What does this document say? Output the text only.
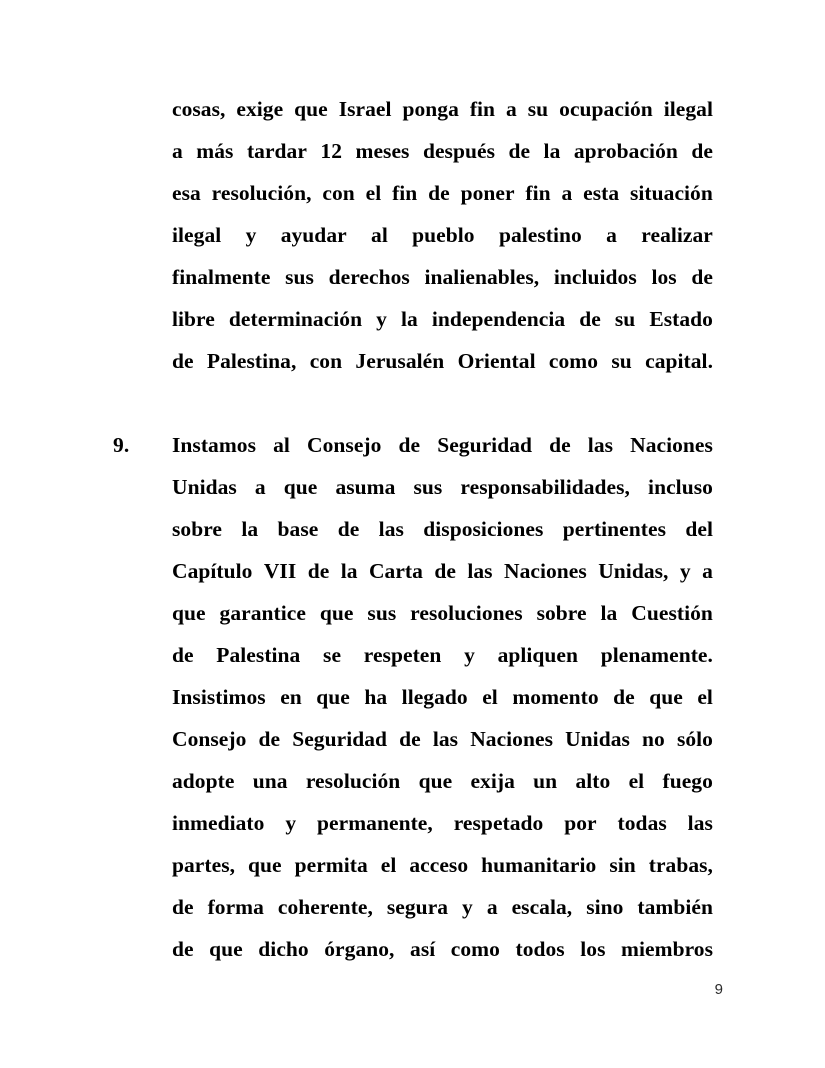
cosas, exige que Israel ponga fin a su ocupación ilegal
a más tardar 12 meses después de la aprobación de
esa resolución, con el fin de poner fin a esta situación
ilegal y ayudar al pueblo palestino a realizar
finalmente sus derechos inalienables, incluidos los de
libre determinación y la independencia de su Estado
de Palestina, con Jerusalén Oriental como su capital.
9.	Instamos al Consejo de Seguridad de las Naciones
Unidas a que asuma sus responsabilidades, incluso
sobre la base de las disposiciones pertinentes del
Capítulo VII de la Carta de las Naciones Unidas, y a
que garantice que sus resoluciones sobre la Cuestión
de Palestina se respeten y apliquen plenamente.
Insistimos en que ha llegado el momento de que el
Consejo de Seguridad de las Naciones Unidas no sólo
adopte una resolución que exija un alto el fuego
inmediato y permanente, respetado por todas las
partes, que permita el acceso humanitario sin trabas,
de forma coherente, segura y a escala, sino también
de que dicho órgano, así como todos los miembros
9
